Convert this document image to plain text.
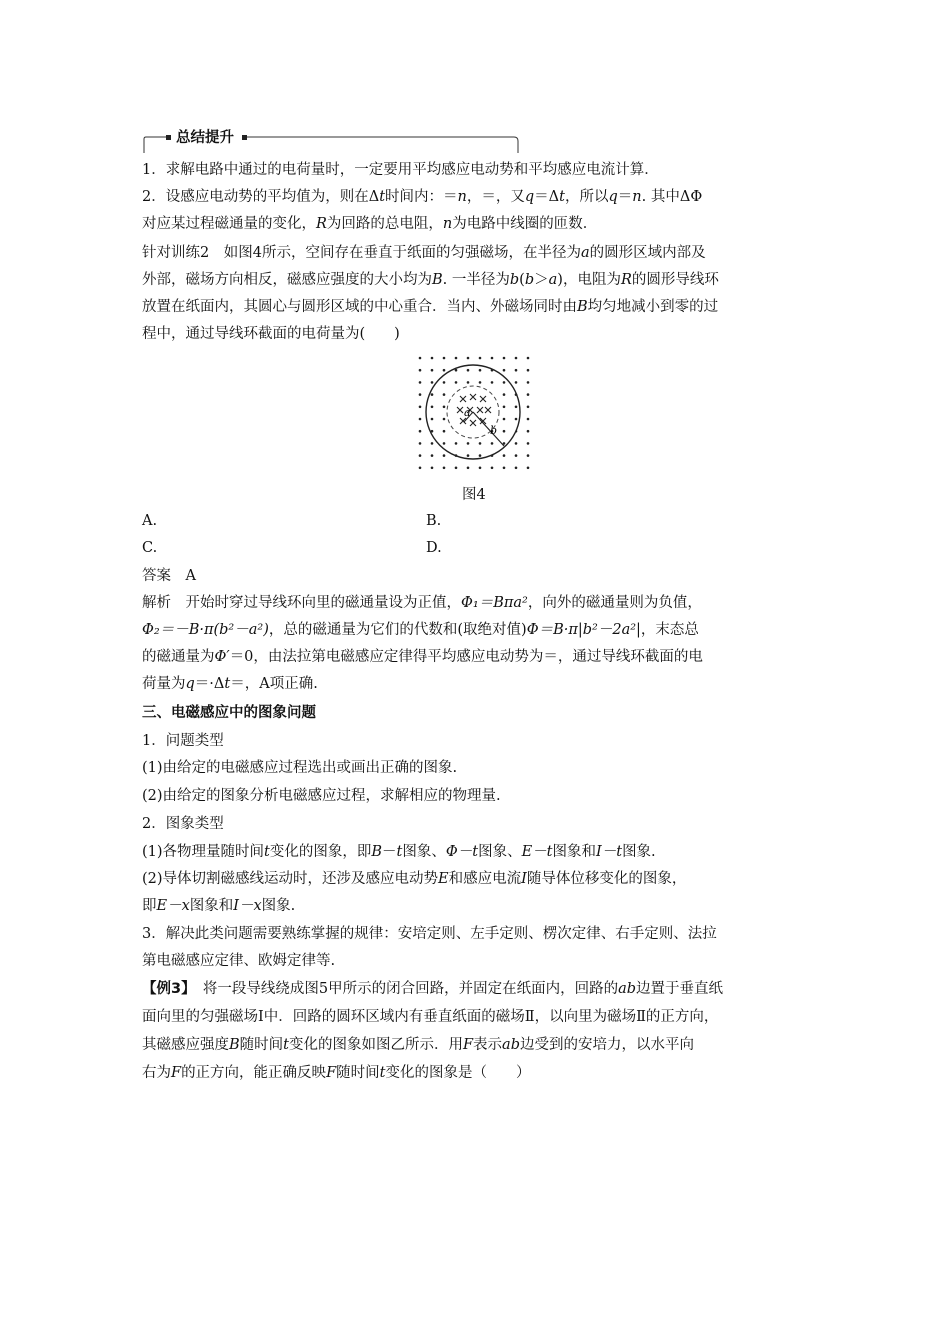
总结提升
1．求解电路中通过的电荷量时，一定要用平均感应电动势和平均感应电流计算．
2．设感应电动势的平均值为，则在Δt时间内：＝n，＝，又q＝Δt，所以q＝n. 其中ΔΦ
对应某过程磁通量的变化，R为回路的总电阻，n为电路中线圈的匝数．
针对训练2　如图4所示，空间存在垂直于纸面的匀强磁场，在半径为a的圆形区域内部及
外部，磁场方向相反，磁感应强度的大小均为B. 一半径为b(b＞a)，电阻为R的圆形导线环
放置在纸面内，其圆心与圆形区域的中心重合．当内、外磁场同时由B均匀地减小到零的过
程中，通过导线环截面的电荷量为(　　)
a
b
图4
A.	B.
C.	D.
答案　A
解析　开始时穿过导线环向里的磁通量设为正值，Φ₁＝Bπa²，向外的磁通量则为负值，
Φ₂＝－B·π(b²－a²)，总的磁通量为它们的代数和(取绝对值)Φ＝B·π|b²－2a²|，末态总
的磁通量为Φ′＝0，由法拉第电磁感应定律得平均感应电动势为＝，通过导线环截面的电
荷量为q＝·Δt＝，A项正确.
三、电磁感应中的图象问题
1．问题类型
(1)由给定的电磁感应过程选出或画出正确的图象.
(2)由给定的图象分析电磁感应过程，求解相应的物理量.
2．图象类型
(1)各物理量随时间t变化的图象，即B－t图象、Φ－t图象、E－t图象和I－t图象.
(2)导体切割磁感线运动时，还涉及感应电动势E和感应电流I随导体位移变化的图象，
即E－x图象和I－x图象.
3．解决此类问题需要熟练掌握的规律：安培定则、左手定则、楞次定律、右手定则、法拉
第电磁感应定律、欧姆定律等.
【例3】　将一段导线绕成图5甲所示的闭合回路，并固定在纸面内，回路的ab边置于垂直纸
面向里的匀强磁场Ⅰ中．回路的圆环区域内有垂直纸面的磁场Ⅱ，以向里为磁场Ⅱ的正方向，
其磁感应强度B随时间t变化的图象如图乙所示．用F表示ab边受到的安培力，以水平向
右为F的正方向，能正确反映F随时间t变化的图象是（　　）
